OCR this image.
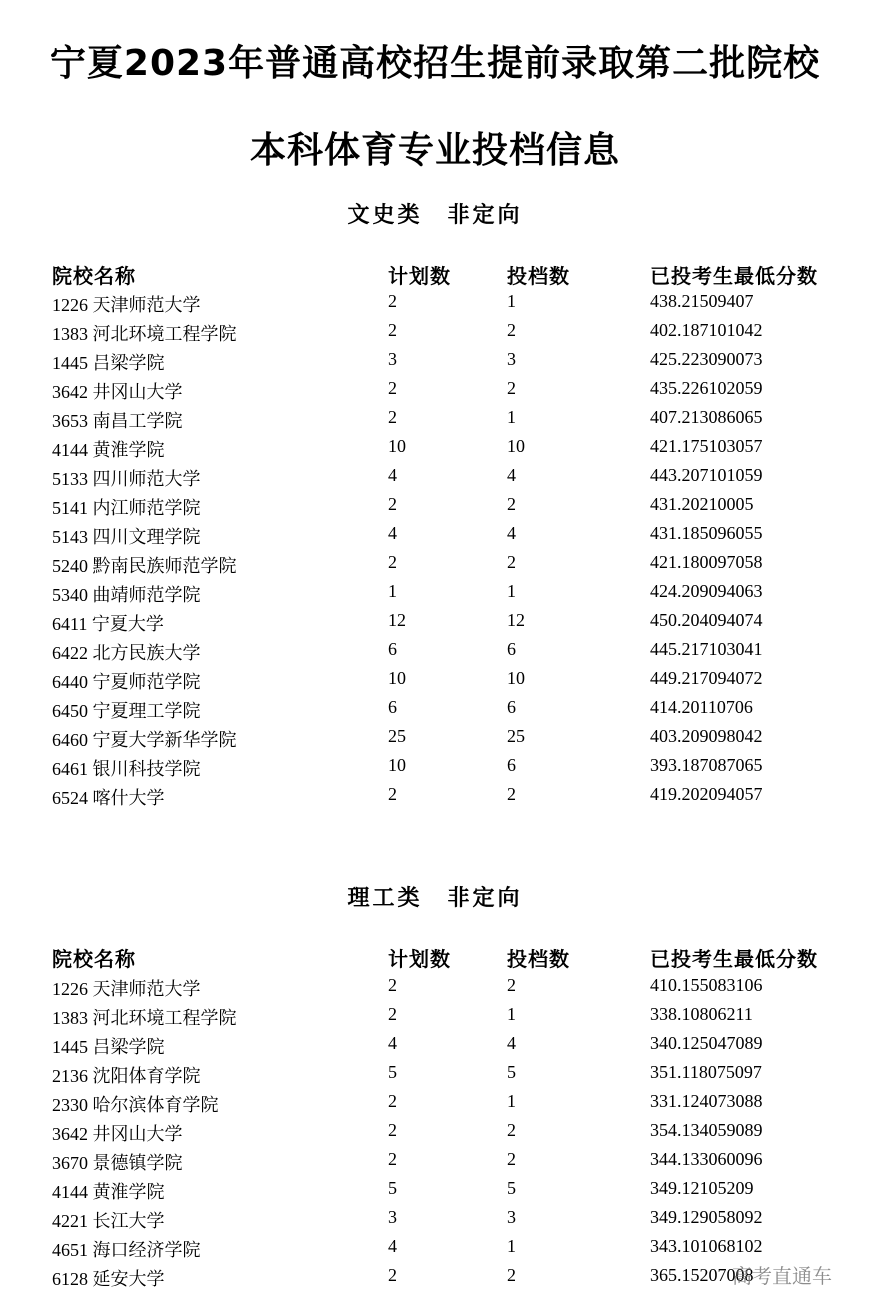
宁夏2023年普通高校招生提前录取第二批院校
本科体育专业投档信息
文史类　非定向
院校名称	计划数	投档数	已投考生最低分数
1226 天津师范大学	2	1	438.21509407
1383 河北环境工程学院	2	2	402.187101042
1445 吕梁学院	3	3	425.223090073
3642 井冈山大学	2	2	435.226102059
3653 南昌工学院	2	1	407.213086065
4144 黄淮学院	10	10	421.175103057
5133 四川师范大学	4	4	443.207101059
5141 内江师范学院	2	2	431.20210005
5143 四川文理学院	4	4	431.185096055
5240 黔南民族师范学院	2	2	421.180097058
5340 曲靖师范学院	1	1	424.209094063
6411 宁夏大学	12	12	450.204094074
6422 北方民族大学	6	6	445.217103041
6440 宁夏师范学院	10	10	449.217094072
6450 宁夏理工学院	6	6	414.20110706
6460 宁夏大学新华学院	25	25	403.209098042
6461 银川科技学院	10	6	393.187087065
6524 喀什大学	2	2	419.202094057
理工类　非定向
院校名称	计划数	投档数	已投考生最低分数
1226 天津师范大学	2	2	410.155083106
1383 河北环境工程学院	2	1	338.10806211
1445 吕梁学院	4	4	340.125047089
2136 沈阳体育学院	5	5	351.118075097
2330 哈尔滨体育学院	2	1	331.124073088
3642 井冈山大学	2	2	354.134059089
3670 景德镇学院	2	2	344.133060096
4144 黄淮学院	5	5	349.12105209
4221 长江大学	3	3	349.129058092
4651 海口经济学院	4	1	343.101068102
6128 延安大学	2	2	365.15207008
高考直通车
